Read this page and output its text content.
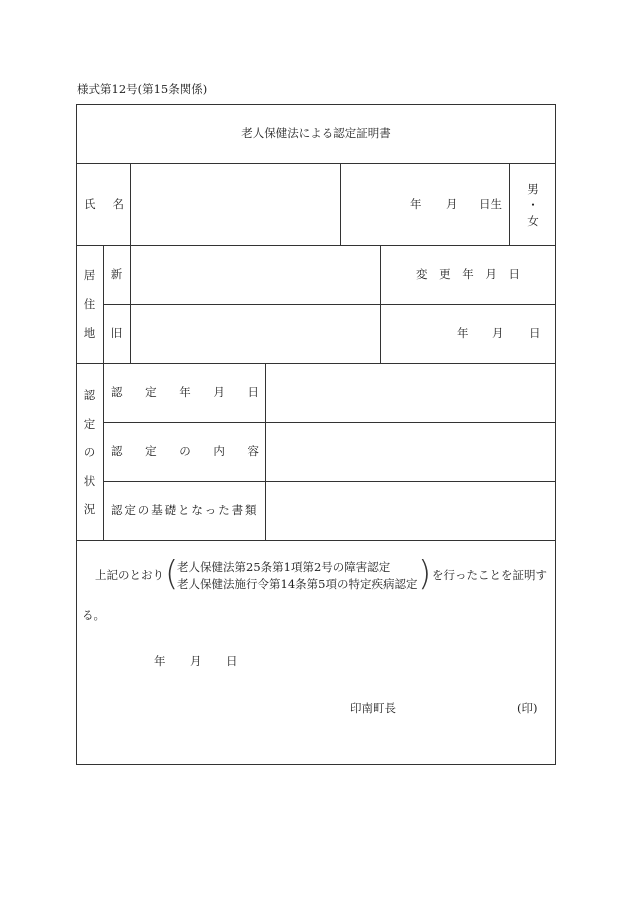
様式第12号(第15条関係)
老人保健法による認定証明書
氏 名	年 月 日生
男
・
女
居
住
地
新
旧
変 更 年 月 日
年 月 日
認
定
の
状
況
認 定 年 月 日
認 定 の 内 容
認定の基礎となった書類
上記のとおり (
老人保健法第25条第1項第2号の障害認定
老人保健法施行令第14条第5項の特定疾病認定 ) を行ったことを証明す
る。
年 月 日
印南町長	(印)
